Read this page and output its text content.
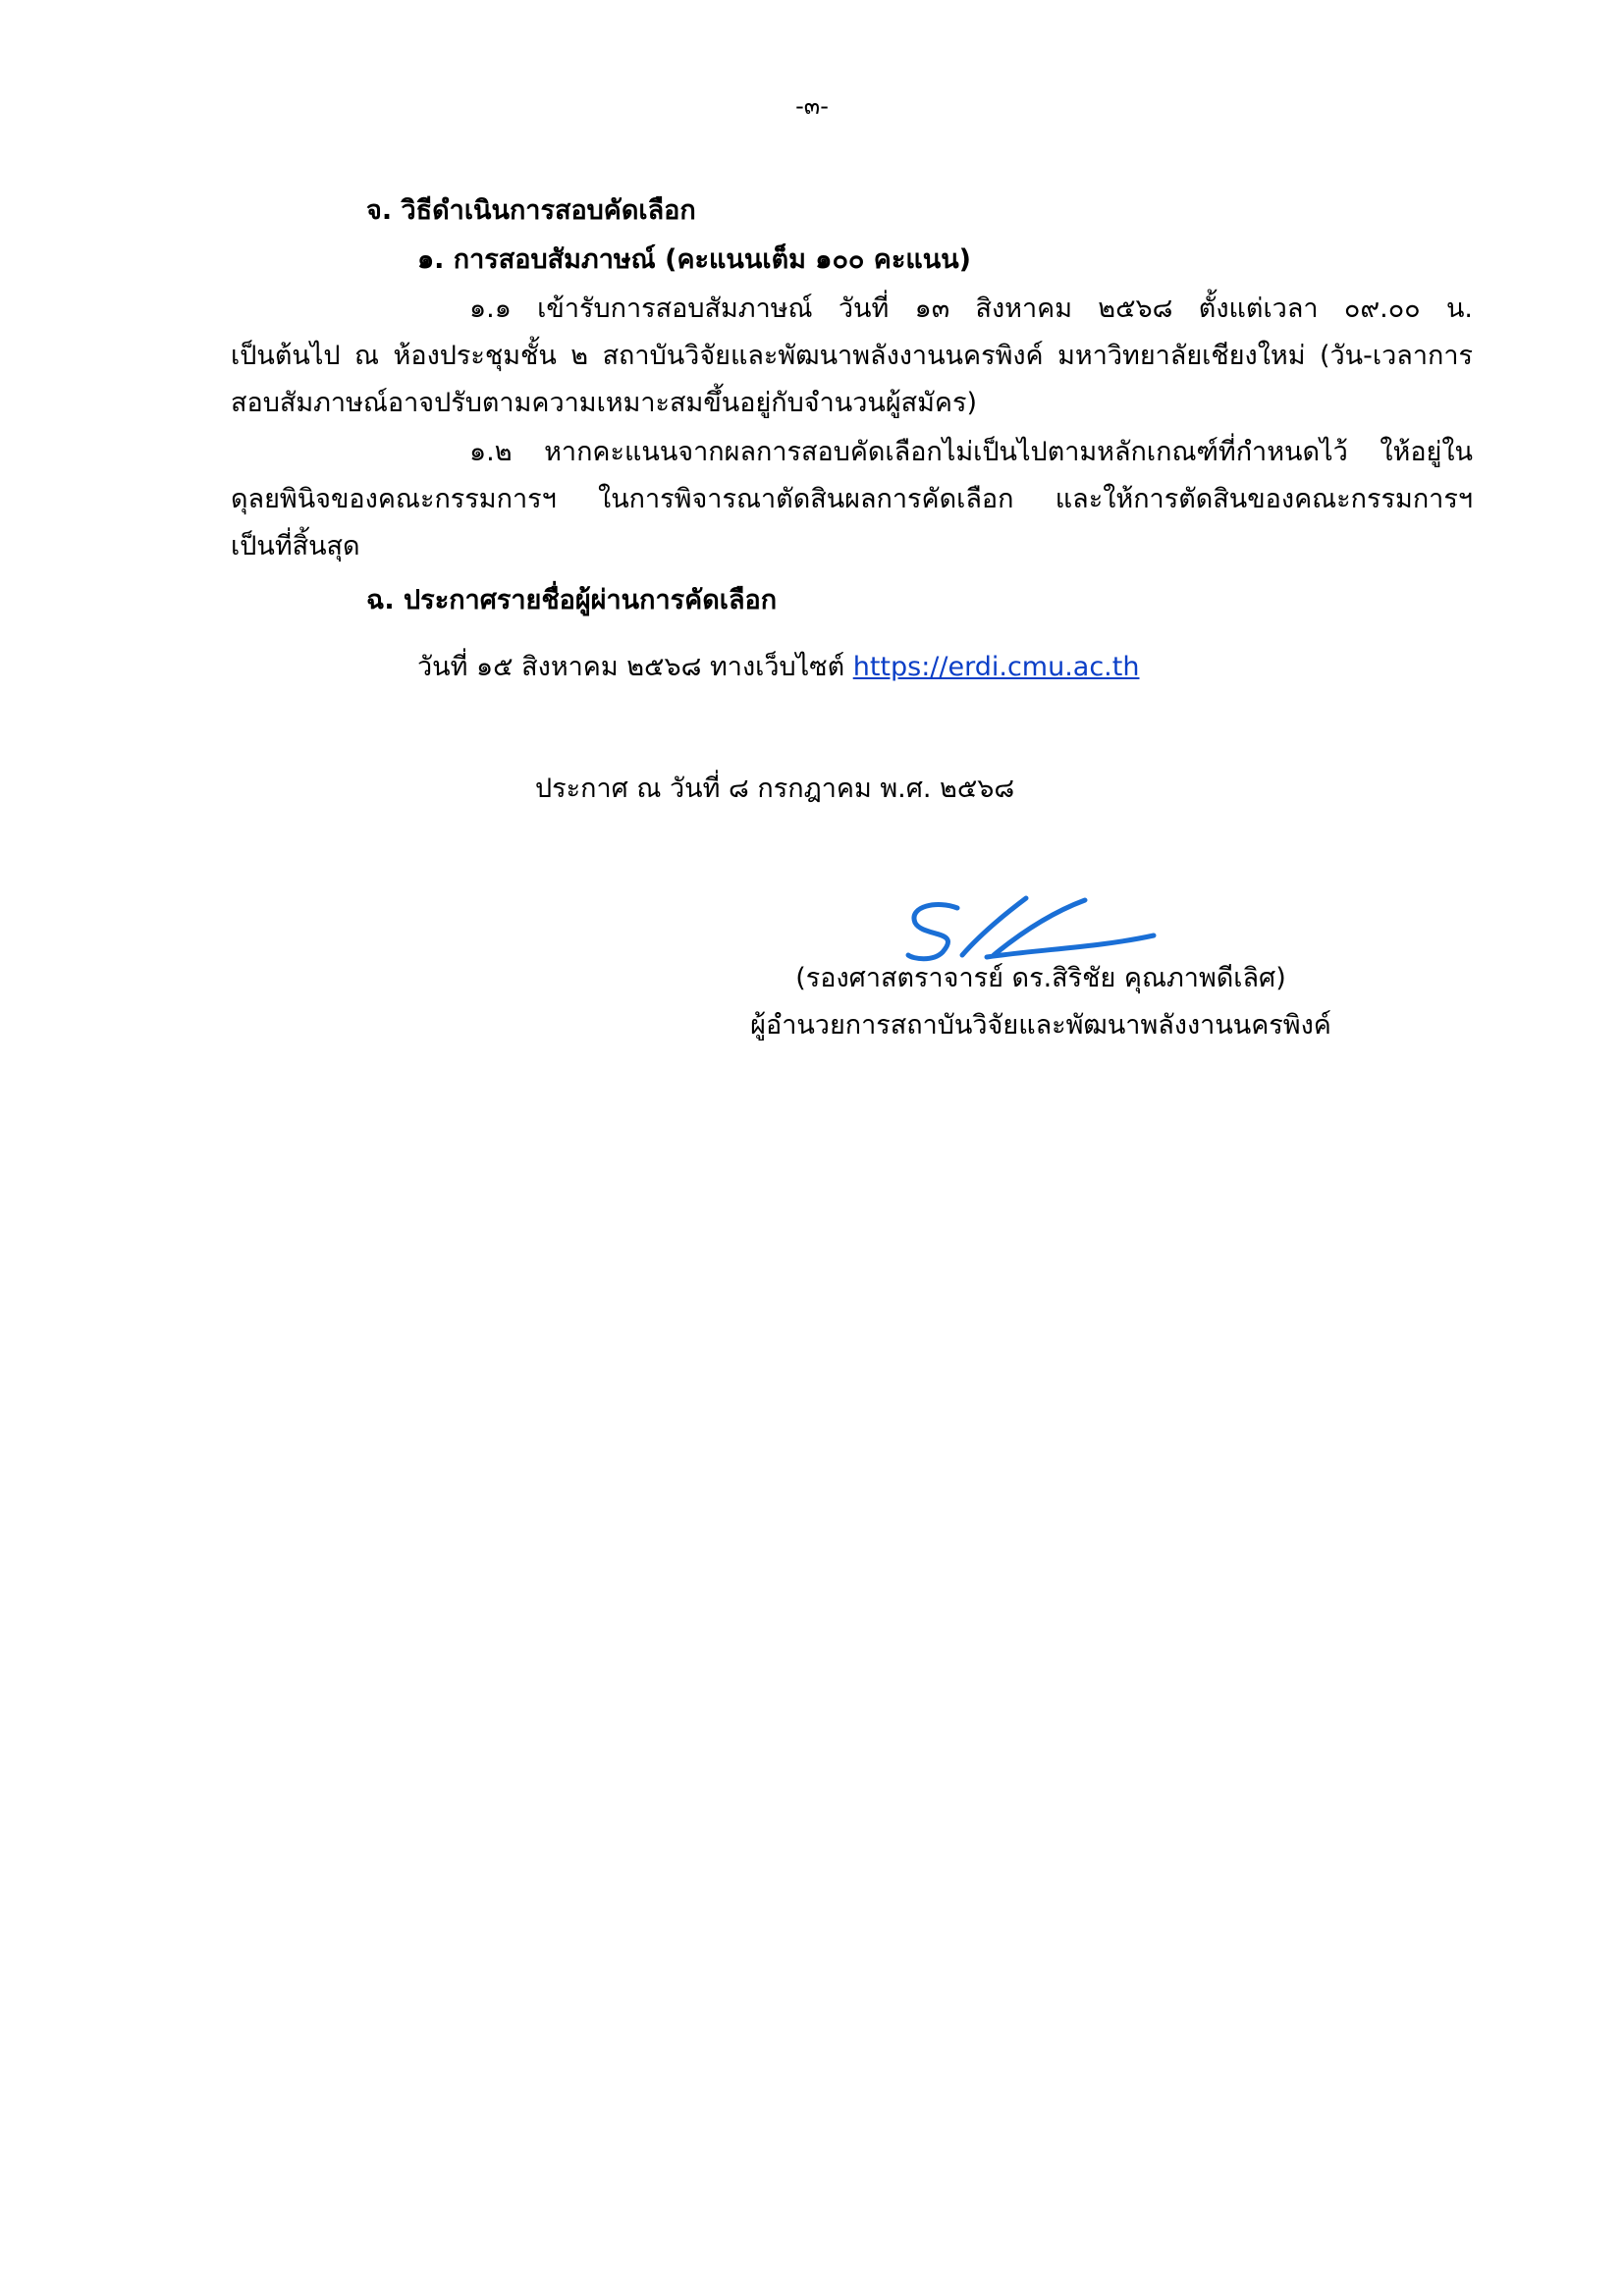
-๓-
จ. วิธีดำเนินการสอบคัดเลือก
๑. การสอบสัมภาษณ์ (คะแนนเต็ม ๑๐๐ คะแนน)
๑.๑ เข้ารับการสอบสัมภาษณ์ วันที่ ๑๓ สิงหาคม ๒๕๖๘ ตั้งแต่เวลา ๐๙.๐๐ น.
เป็นต้นไป ณ ห้องประชุมชั้น ๒ สถาบันวิจัยและพัฒนาพลังงานนครพิงค์ มหาวิทยาลัยเชียงใหม่ (วัน-เวลาการ
สอบสัมภาษณ์อาจปรับตามความเหมาะสมขึ้นอยู่กับจำนวนผู้สมัคร)
๑.๒ หากคะแนนจากผลการสอบคัดเลือกไม่เป็นไปตามหลักเกณฑ์ที่กำหนดไว้ ให้อยู่ใน
ดุลยพินิจของคณะกรรมการฯ ในการพิจารณาตัดสินผลการคัดเลือก และให้การตัดสินของคณะกรรมการฯ
เป็นที่สิ้นสุด
ฉ. ประกาศรายชื่อผู้ผ่านการคัดเลือก
วันที่ ๑๕ สิงหาคม ๒๕๖๘ ทางเว็บไซต์ https://erdi.cmu.ac.th
ประกาศ ณ วันที่ ๘ กรกฎาคม พ.ศ. ๒๕๖๘
(รองศาสตราจารย์ ดร.สิริชัย คุณภาพดีเลิศ)
ผู้อำนวยการสถาบันวิจัยและพัฒนาพลังงานนครพิงค์
